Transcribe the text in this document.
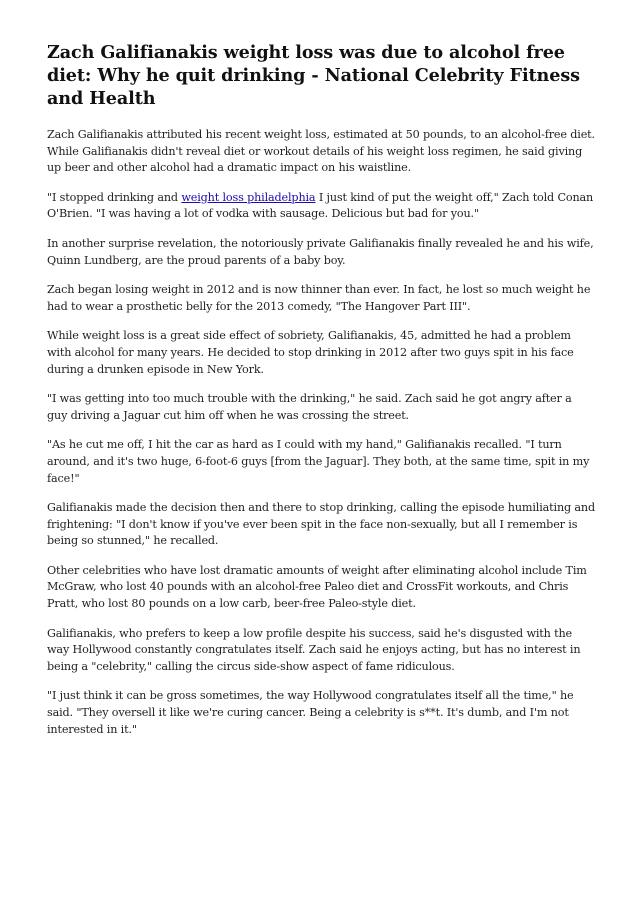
Zach Galifianakis weight loss was due to alcohol free diet: Why he quit drinking - National Celebrity Fitness and Health

Zach Galifianakis attributed his recent weight loss, estimated at 50 pounds, to an alcohol-free diet. While Galifianakis didn't reveal diet or workout details of his weight loss regimen, he said giving up beer and other alcohol had a dramatic impact on his waistline.

"I stopped drinking and weight loss philadelphia I just kind of put the weight off," Zach told Conan O'Brien. "I was having a lot of vodka with sausage. Delicious but bad for you."

In another surprise revelation, the notoriously private Galifianakis finally revealed he and his wife, Quinn Lundberg, are the proud parents of a baby boy.

Zach began losing weight in 2012 and is now thinner than ever. In fact, he lost so much weight he had to wear a prosthetic belly for the 2013 comedy, "The Hangover Part III".

While weight loss is a great side effect of sobriety, Galifianakis, 45, admitted he had a problem with alcohol for many years. He decided to stop drinking in 2012 after two guys spit in his face during a drunken episode in New York.

"I was getting into too much trouble with the drinking," he said. Zach said he got angry after a guy driving a Jaguar cut him off when he was crossing the street.

"As he cut me off, I hit the car as hard as I could with my hand," Galifianakis recalled. "I turn around, and it's two huge, 6-foot-6 guys [from the Jaguar]. They both, at the same time, spit in my face!"

Galifianakis made the decision then and there to stop drinking, calling the episode humiliating and frightening: "I don't know if you've ever been spit in the face non-sexually, but all I remember is being so stunned," he recalled.

Other celebrities who have lost dramatic amounts of weight after eliminating alcohol include Tim McGraw, who lost 40 pounds with an alcohol-free Paleo diet and CrossFit workouts, and Chris Pratt, who lost 80 pounds on a low carb, beer-free Paleo-style diet.

Galifianakis, who prefers to keep a low profile despite his success, said he's disgusted with the way Hollywood constantly congratulates itself. Zach said he enjoys acting, but has no interest in being a "celebrity," calling the circus side-show aspect of fame ridiculous.

"I just think it can be gross sometimes, the way Hollywood congratulates itself all the time," he said. "They oversell it like we're curing cancer. Being a celebrity is s**t. It's dumb, and I'm not interested in it."
